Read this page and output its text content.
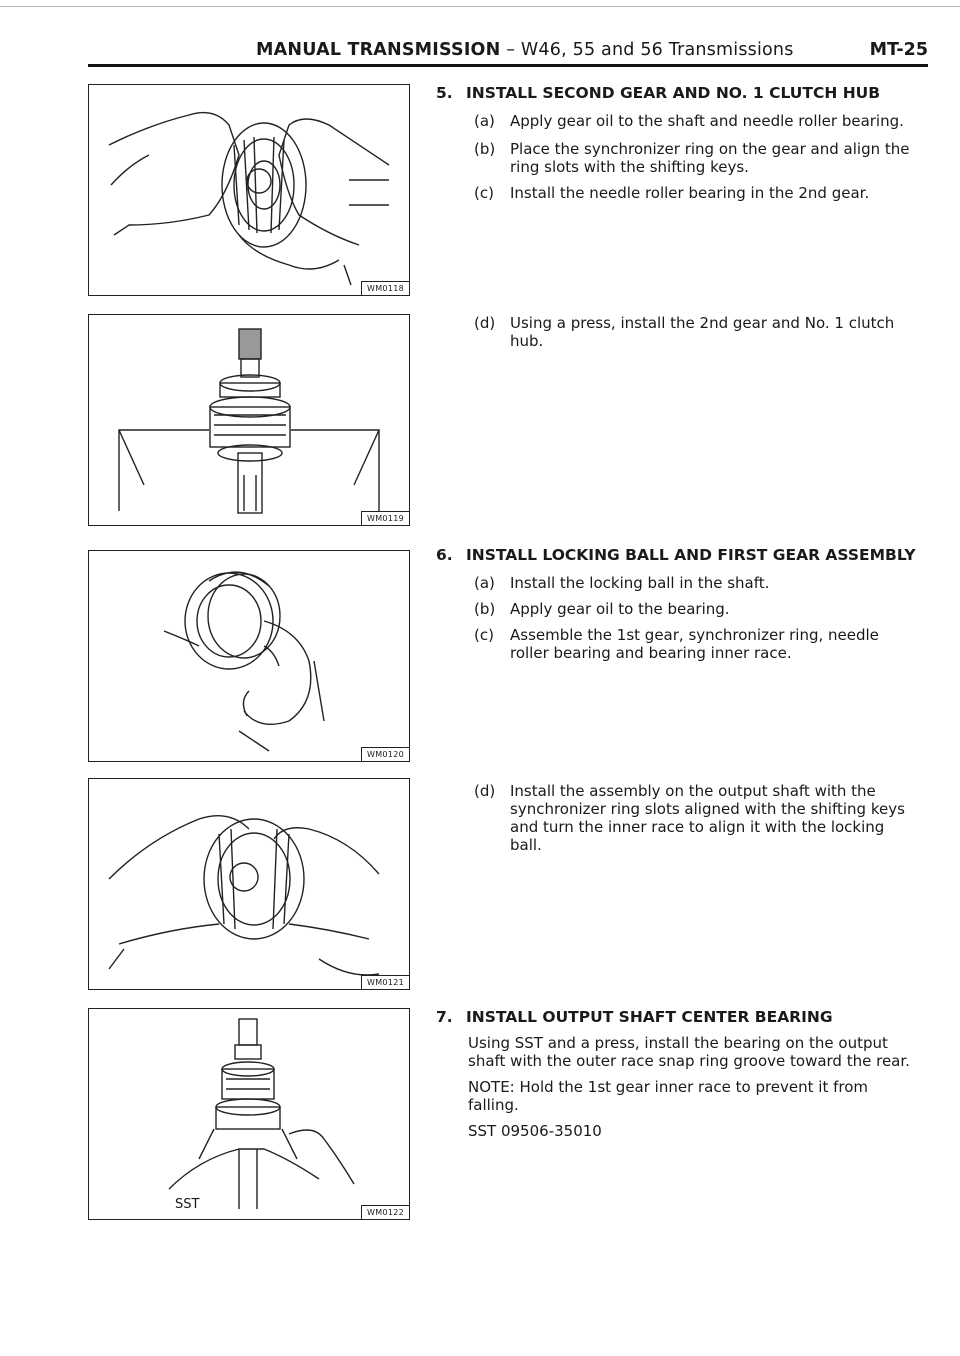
MANUAL TRANSMISSION – W46, 55 and 56 Transmissions	MT-25
WM0118
WM0119
WM0120
WM0121
SST
WM0122
5. INSTALL SECOND GEAR AND NO. 1 CLUTCH HUB
(a)	Apply gear oil to the shaft and needle roller bearing.
(b) Place the synchronizer ring on the gear and align the ring slots with the shifting keys.
(c)	Install the needle roller bearing in the 2nd gear.
(d) Using a press, install the 2nd gear and No. 1 clutch hub.
6. INSTALL LOCKING BALL AND FIRST GEAR ASSEMBLY
(a)	Install the locking ball in the shaft.
(b) Apply gear oil to the bearing.
(c)	Assemble the 1st gear, synchronizer ring, needle roller bearing and bearing inner race.
(d) Install the assembly on the output shaft with the synchronizer ring slots aligned with the shifting keys and turn the inner race to align it with the locking ball.
7. INSTALL OUTPUT SHAFT CENTER BEARING
Using SST and a press, install the bearing on the output shaft with the outer race snap ring groove toward the rear.
NOTE: Hold the 1st gear inner race to prevent it from falling.
SST 09506-35010
